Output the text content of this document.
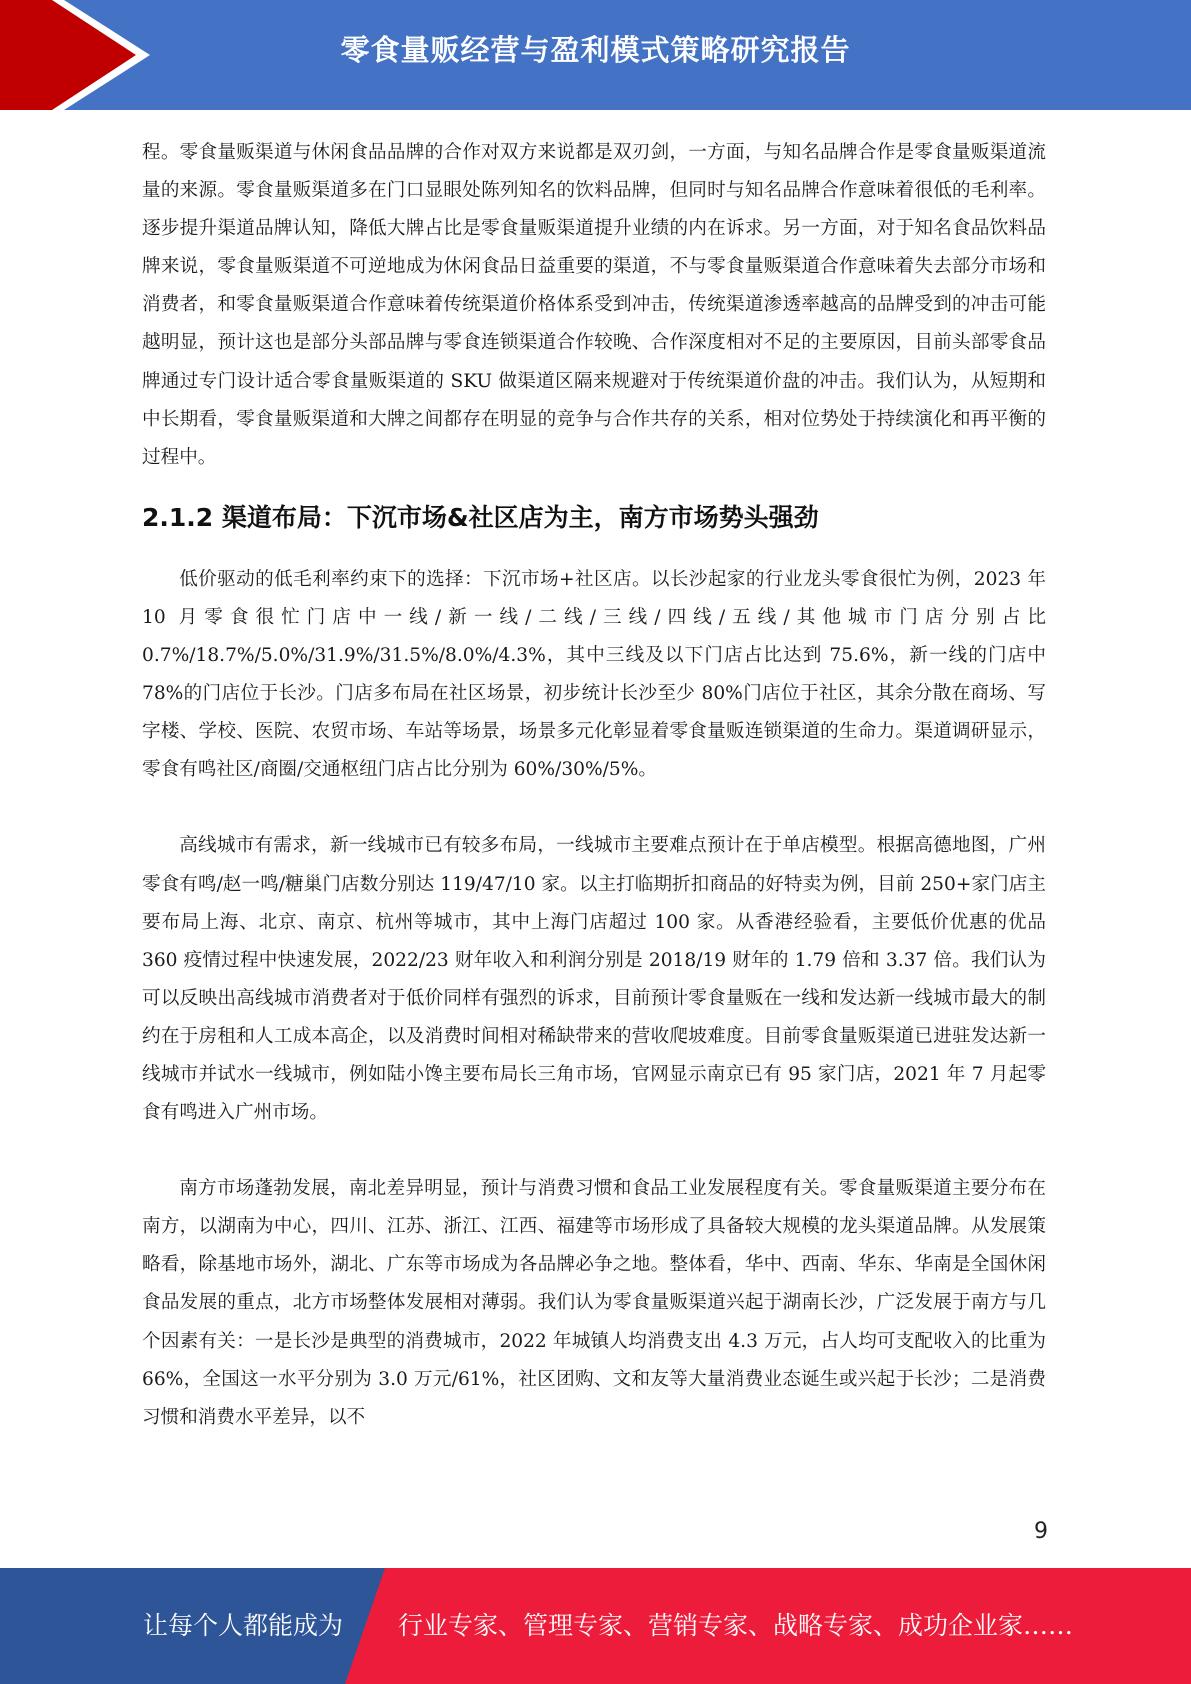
零食量贩经营与盈利模式策略研究报告

程。零食量贩渠道与休闲食品品牌的合作对双方来说都是双刃剑，一方面，与知名品牌合作是零食量贩渠道流量的来源。零食量贩渠道多在门口显眼处陈列知名的饮料品牌，但同时与知名品牌合作意味着很低的毛利率。逐步提升渠道品牌认知，降低大牌占比是零食量贩渠道提升业绩的内在诉求。另一方面，对于知名食品饮料品牌来说，零食量贩渠道不可逆地成为休闲食品日益重要的渠道，不与零食量贩渠道合作意味着失去部分市场和消费者，和零食量贩渠道合作意味着传统渠道价格体系受到冲击，传统渠道渗透率越高的品牌受到的冲击可能越明显，预计这也是部分头部品牌与零食连锁渠道合作较晚、合作深度相对不足的主要原因，目前头部零食品牌通过专门设计适合零食量贩渠道的 SKU 做渠道区隔来规避对于传统渠道价盘的冲击。我们认为，从短期和中长期看，零食量贩渠道和大牌之间都存在明显的竞争与合作共存的关系，相对位势处于持续演化和再平衡的过程中。

2.1.2 渠道布局：下沉市场&社区店为主，南方市场势头强劲

低价驱动的低毛利率约束下的选择：下沉市场+社区店。以长沙起家的行业龙头零食很忙为例，2023 年 10 月零食很忙门店中一线/新一线/二线/三线/四线/五线/其他城市门店分别占比 0.7%/18.7%/5.0%/31.9%/31.5%/8.0%/4.3%，其中三线及以下门店占比达到 75.6%，新一线的门店中 78%的门店位于长沙。门店多布局在社区场景，初步统计长沙至少 80%门店位于社区，其余分散在商场、写字楼、学校、医院、农贸市场、车站等场景，场景多元化彰显着零食量贩连锁渠道的生命力。渠道调研显示，零食有鸣社区/商圈/交通枢纽门店占比分别为 60%/30%/5%。

高线城市有需求，新一线城市已有较多布局，一线城市主要难点预计在于单店模型。根据高德地图，广州零食有鸣/赵一鸣/糖巢门店数分别达 119/47/10 家。以主打临期折扣商品的好特卖为例，目前 250+家门店主要布局上海、北京、南京、杭州等城市，其中上海门店超过 100 家。从香港经验看，主要低价优惠的优品 360 疫情过程中快速发展，2022/23 财年收入和利润分别是 2018/19 财年的 1.79 倍和 3.37 倍。我们认为可以反映出高线城市消费者对于低价同样有强烈的诉求，目前预计零食量贩在一线和发达新一线城市最大的制约在于房租和人工成本高企，以及消费时间相对稀缺带来的营收爬坡难度。目前零食量贩渠道已进驻发达新一线城市并试水一线城市，例如陆小馋主要布局长三角市场，官网显示南京已有 95 家门店，2021 年 7 月起零食有鸣进入广州市场。

南方市场蓬勃发展，南北差异明显，预计与消费习惯和食品工业发展程度有关。零食量贩渠道主要分布在南方，以湖南为中心，四川、江苏、浙江、江西、福建等市场形成了具备较大规模的龙头渠道品牌。从发展策略看，除基地市场外，湖北、广东等市场成为各品牌必争之地。整体看，华中、西南、华东、华南是全国休闲食品发展的重点，北方市场整体发展相对薄弱。我们认为零食量贩渠道兴起于湖南长沙，广泛发展于南方与几个因素有关：一是长沙是典型的消费城市，2022 年城镇人均消费支出 4.3 万元，占人均可支配收入的比重为 66%，全国这一水平分别为 3.0 万元/61%，社区团购、文和友等大量消费业态诞生或兴起于长沙；二是消费习惯和消费水平差异，以不

9
让每个人都能成为 行业专家、管理专家、营销专家、战略专家、成功企业家……
